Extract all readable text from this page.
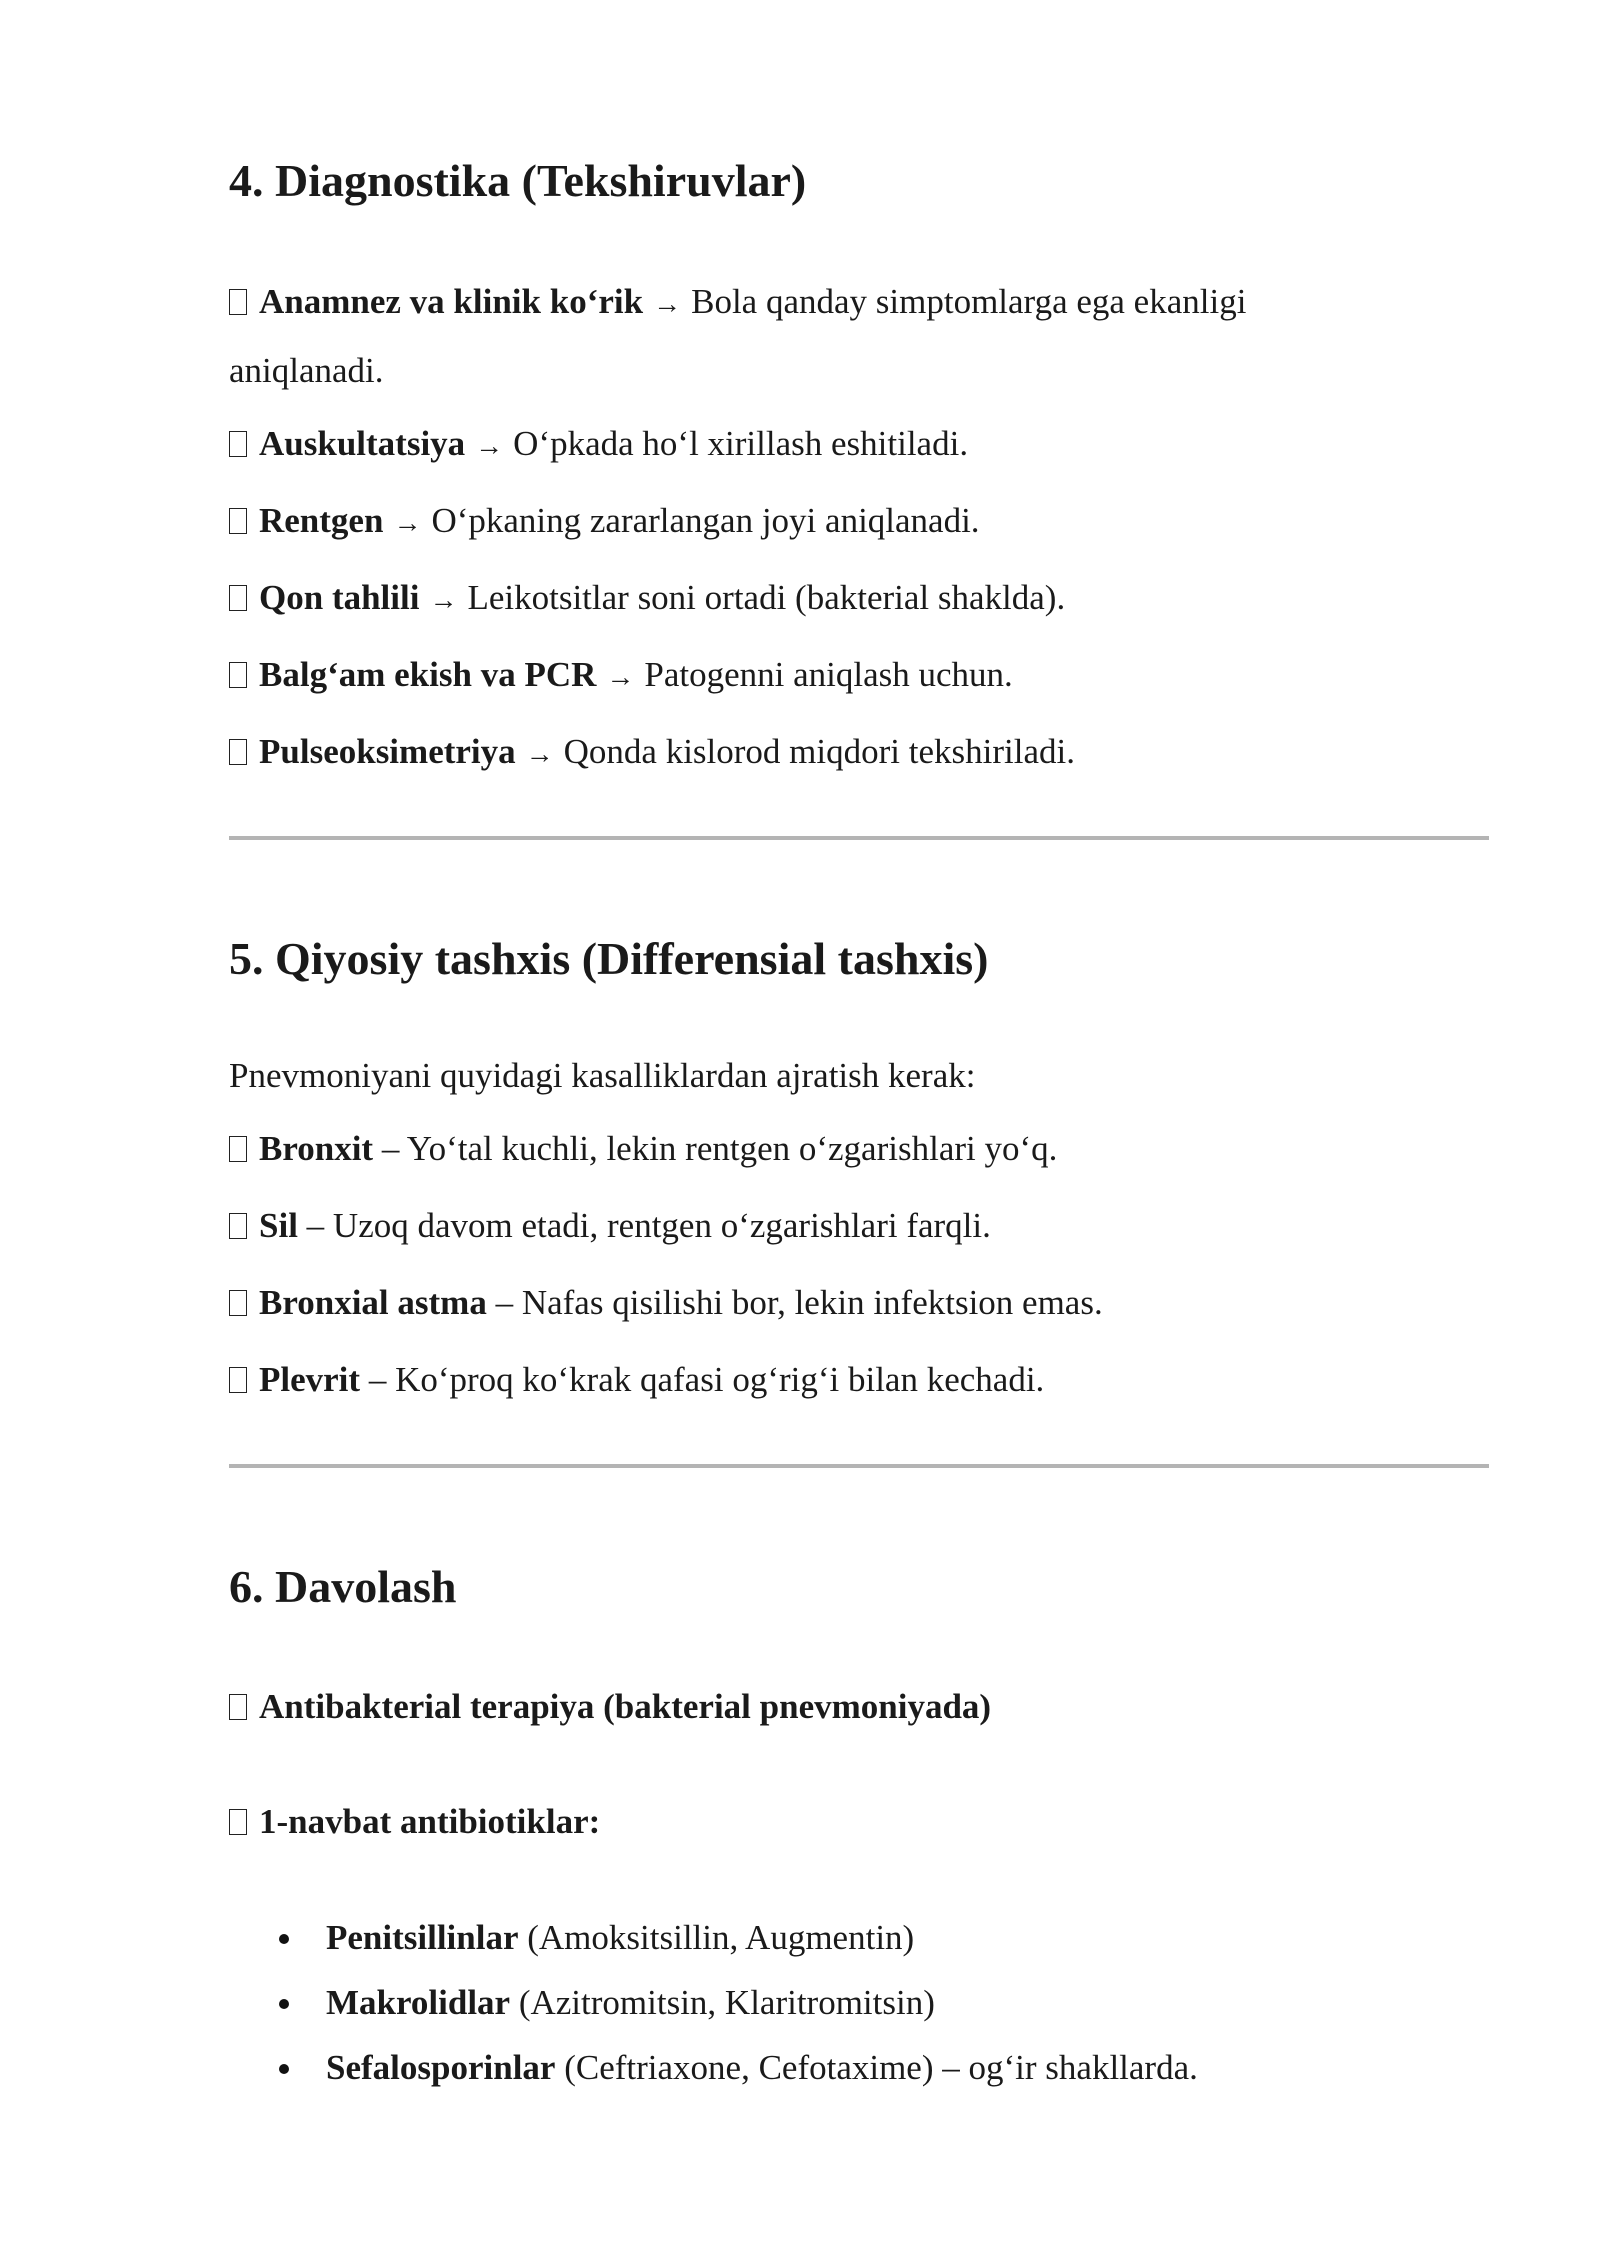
4. Diagnostika (Tekshiruvlar)
Anamnez va klinik ko‘rik → Bola qanday simptomlarga ega ekanligi
aniqlanadi.
Auskultatsiya → O‘pkada ho‘l xirillash eshitiladi.
Rentgen → O‘pkaning zararlangan joyi aniqlanadi.
Qon tahlili → Leikotsitlar soni ortadi (bakterial shaklda).
Balg‘am ekish va PCR → Patogenni aniqlash uchun.
Pulseoksimetriya → Qonda kislorod miqdori tekshiriladi.
5. Qiyosiy tashxis (Differensial tashxis)
Pnevmoniyani quyidagi kasalliklardan ajratish kerak:
Bronxit – Yo‘tal kuchli, lekin rentgen o‘zgarishlari yo‘q.
Sil – Uzoq davom etadi, rentgen o‘zgarishlari farqli.
Bronxial astma – Nafas qisilishi bor, lekin infektsion emas.
Plevrit – Ko‘proq ko‘krak qafasi og‘rig‘i bilan kechadi.
6. Davolash
Antibakterial terapiya (bakterial pnevmoniyada)
1-navbat antibiotiklar:
Penitsillinlar (Amoksitsillin, Augmentin)
Makrolidlar (Azitromitsin, Klaritromitsin)
Sefalosporinlar (Ceftriaxone, Cefotaxime) – og‘ir shakllarda.
